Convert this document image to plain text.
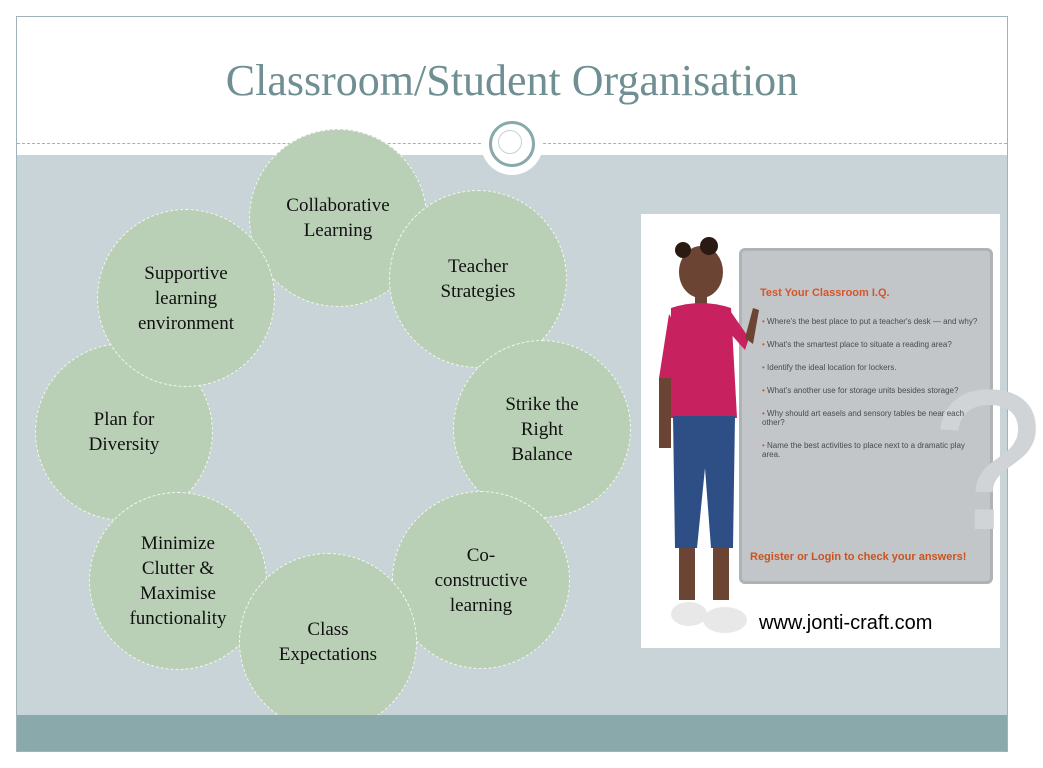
Classroom/Student Organisation
Collaborative
Learning
Teacher
Strategies
Strike the
Right
Balance
Co-
constructive
learning
Plan for
Diversity
Supportive
learning
environment
Minimize
Clutter &
Maximise
functionality
Class
Expectations
?
Test Your Classroom I.Q.
• Where's the best place to put a teacher's desk — and why?
• What's the smartest place to situate a reading area?
• Identify the ideal location for lockers.
• What's another use for storage units besides storage?
• Why should art easels and sensory tables be near each other?
• Name the best activities to place next to a dramatic play area.
Register or Login to check your answers!
www.jonti-craft.com
